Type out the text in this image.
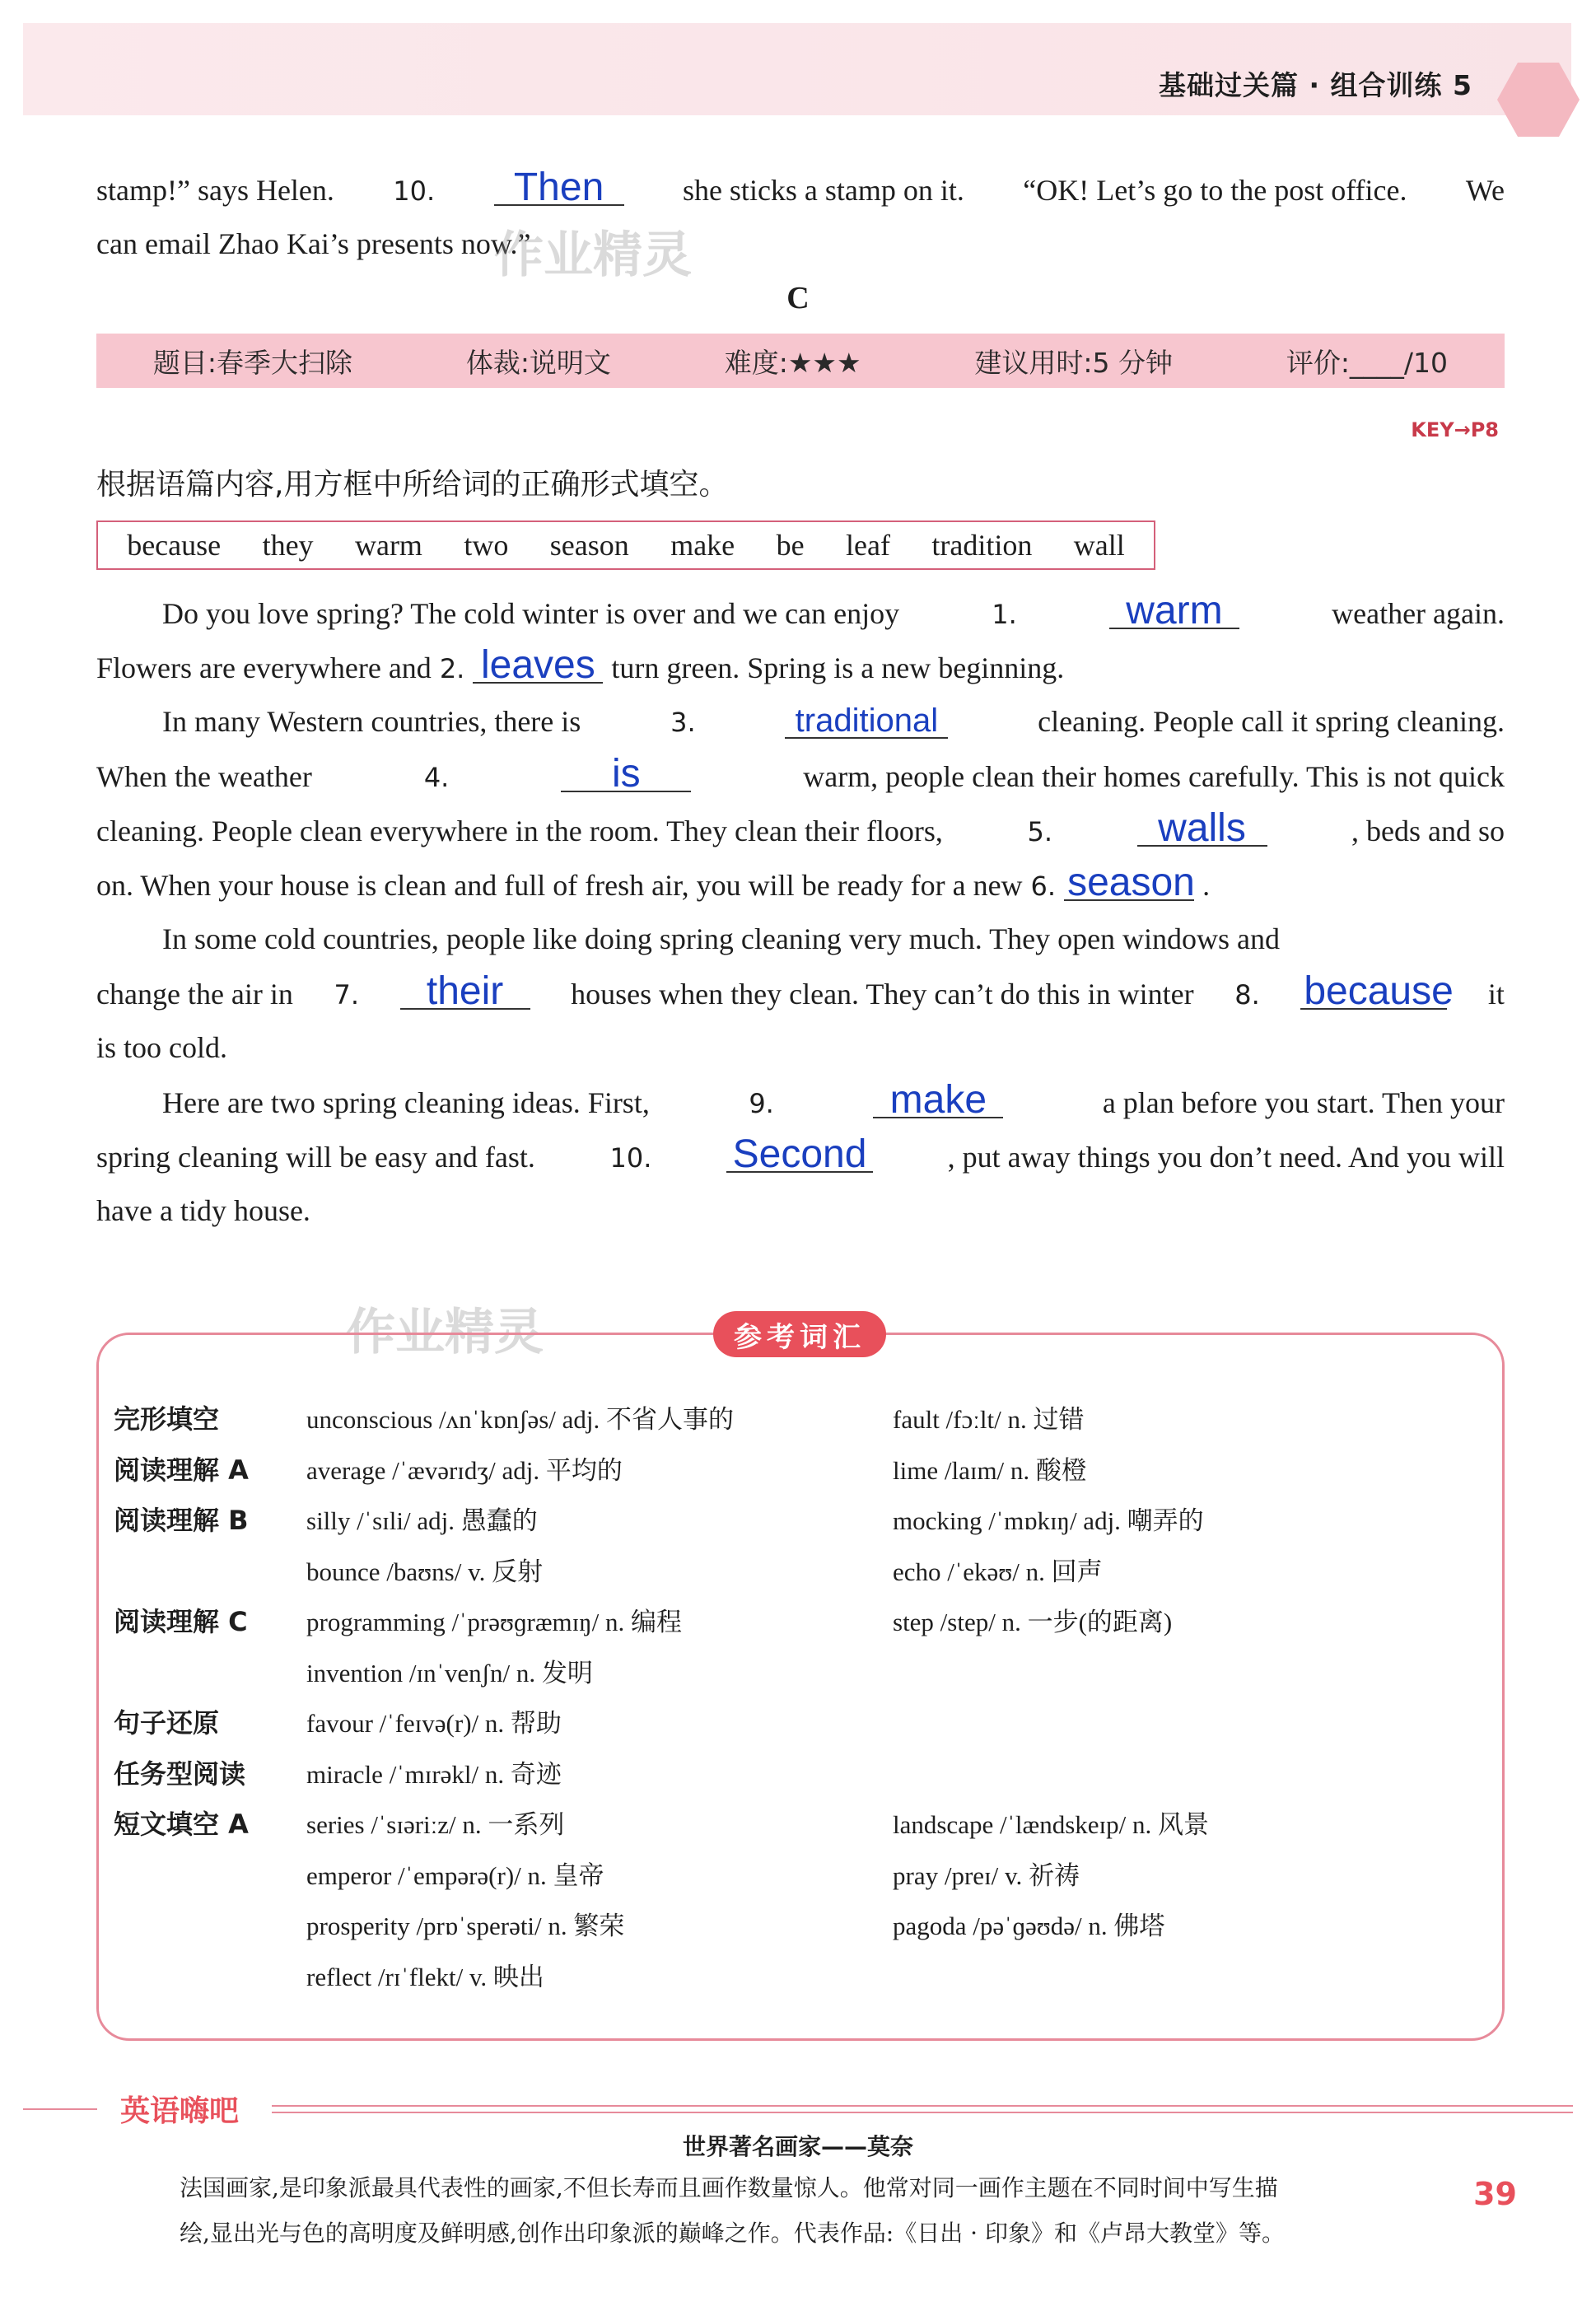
基础过关篇 · 组合训练 5
stamp!” says Helen. 10.	Then	she sticks a stamp on it. “OK! Let’s go to the post office. We
can email Zhao Kai’s presents now.”
作业精灵
C
题目:春季大扫除	体裁:说明文	难度:★★★	建议用时:5 分钟	评价:____/10
KEY→P8
根据语篇内容,用方框中所给词的正确形式填空。
because they warm two season make be leaf tradition wall
Do you love spring? The cold winter is over and we can enjoy	1.	warm	weather again.
Flowers are everywhere and 2. leaves turn green. Spring is a new beginning.
In many Western countries, there is	3.	traditional	cleaning. People call it spring cleaning.
When the weather	4.	is	warm, people clean their homes carefully. This is not quick
cleaning. People clean everywhere in the room. They clean their floors,	5.	walls	, beds and so
on. When your house is clean and full of fresh air, you will be ready for a new 6. season .
In some cold countries, people like doing spring cleaning very much. They open windows and
change the air in 7.	their	houses when they clean. They can’t do this in winter 8. because it
is too cold.
Here are two spring cleaning ideas. First,	9.	make	a plan before you start. Then your
spring cleaning will be easy and fast.	10. Second	, put away things you don’t need. And you will
have a tidy house.
作业精灵	参考词汇
完形填空	unconscious /ʌnˈkɒnʃəs/ adj. 不省人事的	fault /fɔːlt/ n. 过错
阅读理解 A average /ˈævərɪdʒ/ adj. 平均的	lime /laɪm/ n. 酸橙
阅读理解 B silly /ˈsɪli/ adj. 愚蠢的	mocking /ˈmɒkɪŋ/ adj. 嘲弄的
bounce /baʊns/ v. 反射	echo /ˈekəʊ/ n. 回声
阅读理解 C programming /ˈprəʊɡræmɪŋ/ n. 编程	step /step/ n. 一步(的距离)
invention /ɪnˈvenʃn/ n. 发明
句子还原	favour /ˈfeɪvə(r)/ n. 帮助
任务型阅读 miracle /ˈmɪrəkl/ n. 奇迹
短文填空 A series /ˈsɪəriːz/ n. 一系列	landscape /ˈlændskeɪp/ n. 风景
emperor /ˈempərə(r)/ n. 皇帝	pray /preɪ/ v. 祈祷
prosperity /prɒˈsperəti/ n. 繁荣	pagoda /pəˈɡəʊdə/ n. 佛塔
reflect /rɪˈflekt/ v. 映出
英语嗨吧
世界著名画家——莫奈
法国画家,是印象派最具代表性的画家,不但长寿而且画作数量惊人。他常对同一画作主题在不同时间中写生描
绘,显出光与色的高明度及鲜明感,创作出印象派的巅峰之作。代表作品:《日出 · 印象》和《卢昂大教堂》等。
39
